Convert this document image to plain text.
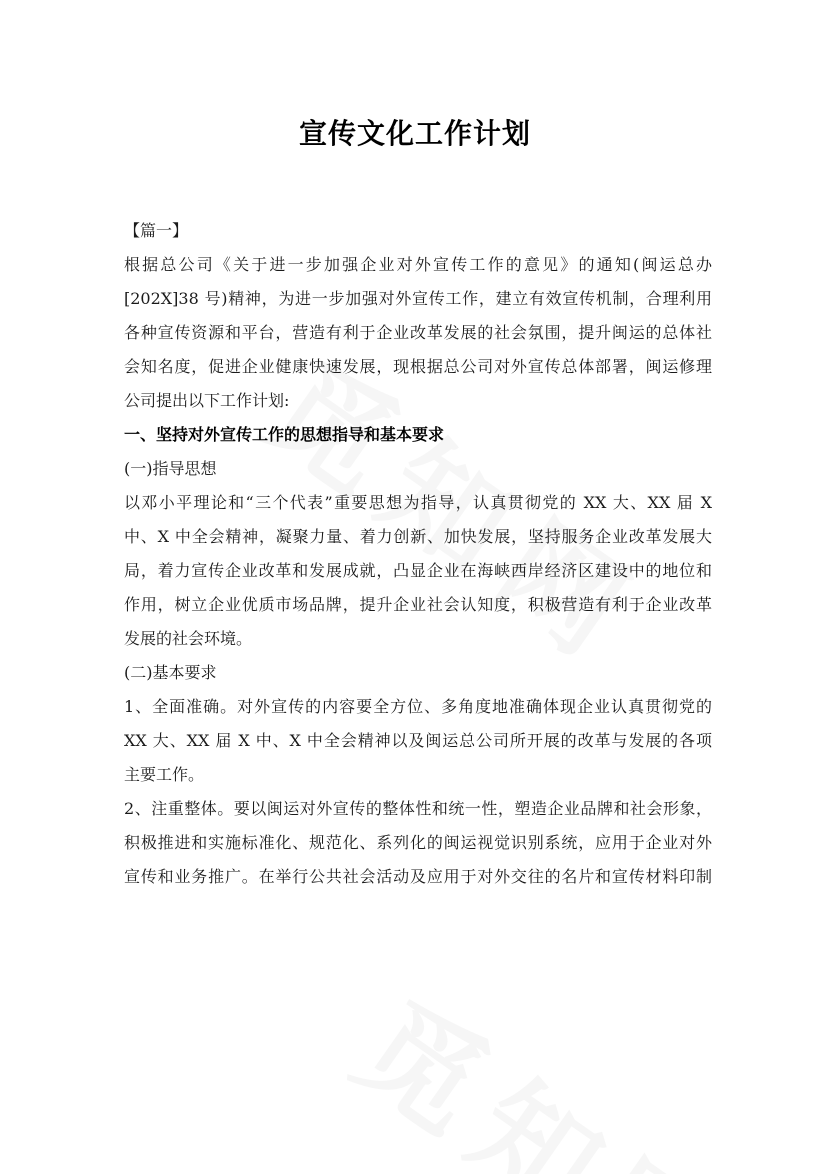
宣传文化工作计划
【篇一】
根据总公司《关于进一步加强企业对外宣传工作的意见》的通知(闽运总办
[202X]38 号)精神，为进一步加强对外宣传工作，建立有效宣传机制，合理利用
各种宣传资源和平台，营造有利于企业改革发展的社会氛围，提升闽运的总体社
会知名度，促进企业健康快速发展，现根据总公司对外宣传总体部署，闽运修理
公司提出以下工作计划:
一、坚持对外宣传工作的思想指导和基本要求
(一)指导思想
以邓小平理论和“三个代表”重要思想为指导，认真贯彻党的 XX 大、XX 届 X
中、X 中全会精神，凝聚力量、着力创新、加快发展，坚持服务企业改革发展大
局，着力宣传企业改革和发展成就，凸显企业在海峡西岸经济区建设中的地位和
作用，树立企业优质市场品牌，提升企业社会认知度，积极营造有利于企业改革
发展的社会环境。
(二)基本要求
1、全面准确。对外宣传的内容要全方位、多角度地准确体现企业认真贯彻党的
XX 大、XX 届 X 中、X 中全会精神以及闽运总公司所开展的改革与发展的各项
主要工作。
2、注重整体。要以闽运对外宣传的整体性和统一性，塑造企业品牌和社会形象，
积极推进和实施标准化、规范化、系列化的闽运视觉识别系统，应用于企业对外
宣传和业务推广。在举行公共社会活动及应用于对外交往的名片和宣传材料印制
